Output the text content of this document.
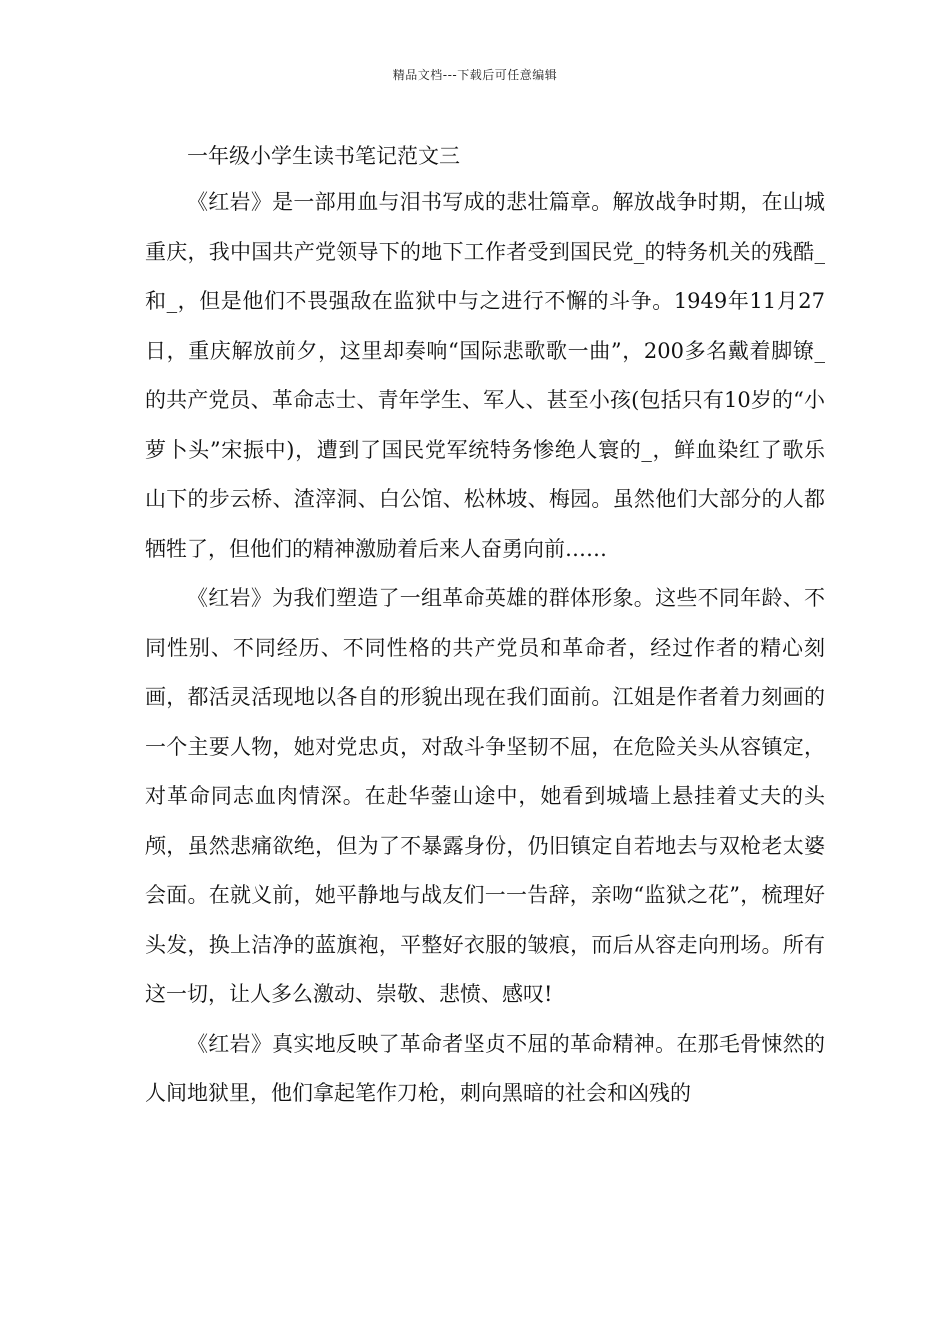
精品文档---下载后可任意编辑
一年级小学生读书笔记范文三

《红岩》是一部用血与泪书写成的悲壮篇章。解放战争时期，在山城重庆，我中国共产党领导下的地下工作者受到国民党_的特务机关的残酷_和_，但是他们不畏强敌在监狱中与之进行不懈的斗争。1949年11月27日，重庆解放前夕，这里却奏响“国际悲歌歌一曲”，200多名戴着脚镣_的共产党员、革命志士、青年学生、军人、甚至小孩(包括只有10岁的“小萝卜头”宋振中)，遭到了国民党军统特务惨绝人寰的_，鲜血染红了歌乐山下的步云桥、渣滓洞、白公馆、松林坡、梅园。虽然他们大部分的人都牺牲了，但他们的精神激励着后来人奋勇向前……

《红岩》为我们塑造了一组革命英雄的群体形象。这些不同年龄、不同性别、不同经历、不同性格的共产党员和革命者，经过作者的精心刻画，都活灵活现地以各自的形貌出现在我们面前。江姐是作者着力刻画的一个主要人物，她对党忠贞，对敌斗争坚韧不屈，在危险关头从容镇定，对革命同志血肉情深。在赴华蓥山途中，她看到城墙上悬挂着丈夫的头颅，虽然悲痛欲绝，但为了不暴露身份，仍旧镇定自若地去与双枪老太婆会面。在就义前，她平静地与战友们一一告辞，亲吻“监狱之花”，梳理好头发，换上洁净的蓝旗袍，平整好衣服的皱痕，而后从容走向刑场。所有这一切，让人多么激动、崇敬、悲愤、感叹!

《红岩》真实地反映了革命者坚贞不屈的革命精神。在那毛骨悚然的人间地狱里，他们拿起笔作刀枪，刺向黑暗的社会和凶残的
